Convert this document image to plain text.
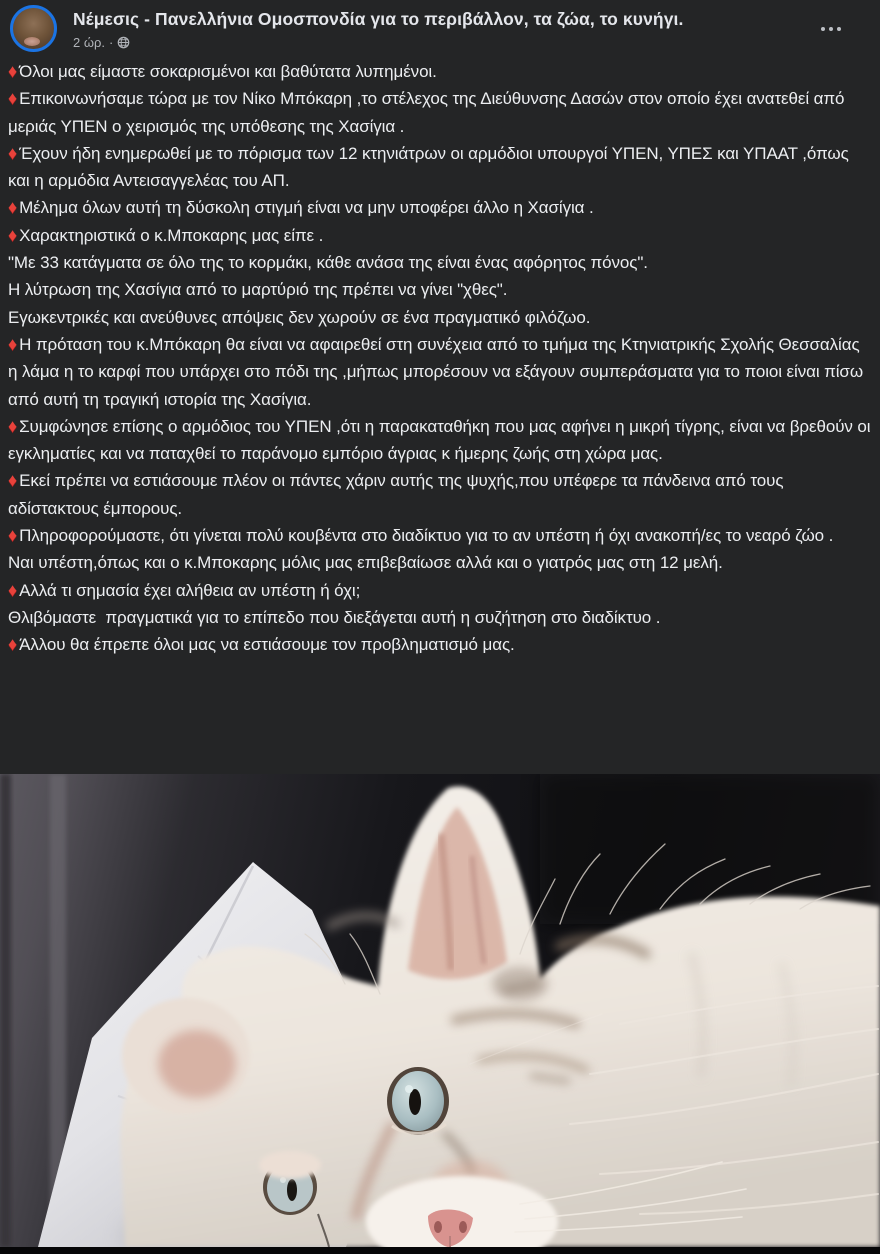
Νέμεσις - Πανελλήνια Ομοσπονδία για το περιβάλλον, τα ζώα, το κυνήγι.
2 ώρ. ·

♦ Όλοι μας είμαστε σοκαρισμένοι και βαθύτατα λυπημένοι.

♦ Επικοινωνήσαμε τώρα με τον Νίκο Μπόκαρη ,το στέλεχος της Διεύθυνσης Δασών στον οποίο έχει ανατεθεί από μεριάς ΥΠΕΝ ο χειρισμός της υπόθεσης της Χασίγια .

♦ Έχουν ήδη ενημερωθεί με το πόρισμα των 12 κτηνιάτρων οι αρμόδιοι υπουργοί ΥΠΕΝ, ΥΠΕΣ και ΥΠΑΑΤ ,όπως και η αρμόδια Αντεισαγγελέας του ΑΠ.

♦ Μέλημα όλων αυτή τη δύσκολη στιγμή είναι να μην υποφέρει άλλο η Χασίγια .

♦ Χαρακτηριστικά ο κ.Μποκαρης μας είπε .

"Με 33 κατάγματα σε όλο της το κορμάκι, κάθε ανάσα της είναι ένας αφόρητος πόνος".

Η λύτρωση της Χασίγια από το μαρτύριό της πρέπει να γίνει "χθες".

Εγωκεντρικές και ανεύθυνες απόψεις δεν χωρούν σε ένα πραγματικό φιλόζωο.

♦ Η πρόταση του κ.Μπόκαρη θα είναι να αφαιρεθεί στη συνέχεια από το τμήμα της Κτηνιατρικής Σχολής Θεσσαλίας  η λάμα η το καρφί που υπάρχει στο πόδι της ,μήπως μπορέσουν να εξάγουν συμπεράσματα για το ποιοι είναι πίσω από αυτή τη τραγική ιστορία της Χασίγια.

♦ Συμφώνησε επίσης ο αρμόδιος του ΥΠΕΝ ,ότι η παρακαταθήκη που μας αφήνει η μικρή τίγρης, είναι να βρεθούν οι εγκληματίες και να παταχθεί το παράνομο εμπόριο άγριας κ ήμερης ζωής στη χώρα μας.

♦ Εκεί πρέπει να εστιάσουμε πλέον οι πάντες χάριν αυτής της ψυχής,που υπέφερε τα πάνδεινα από τους αδίστακτους έμπορους.

♦ Πληροφορούμαστε, ότι γίνεται πολύ κουβέντα στο διαδίκτυο για το αν υπέστη ή όχι ανακοπή/ες το νεαρό ζώο .

Ναι υπέστη,όπως και ο κ.Μποκαρης μόλις μας επιβεβαίωσε αλλά και ο γιατρός μας στη 12 μελή.

♦ Αλλά τι σημασία έχει αλήθεια αν υπέστη ή όχι;

Θλιβόμαστε  πραγματικά για το επίπεδο που διεξάγεται αυτή η συζήτηση στο διαδίκτυο .

♦ Άλλου θα έπρεπε όλοι μας να εστιάσουμε τον προβληματισμό μας.
